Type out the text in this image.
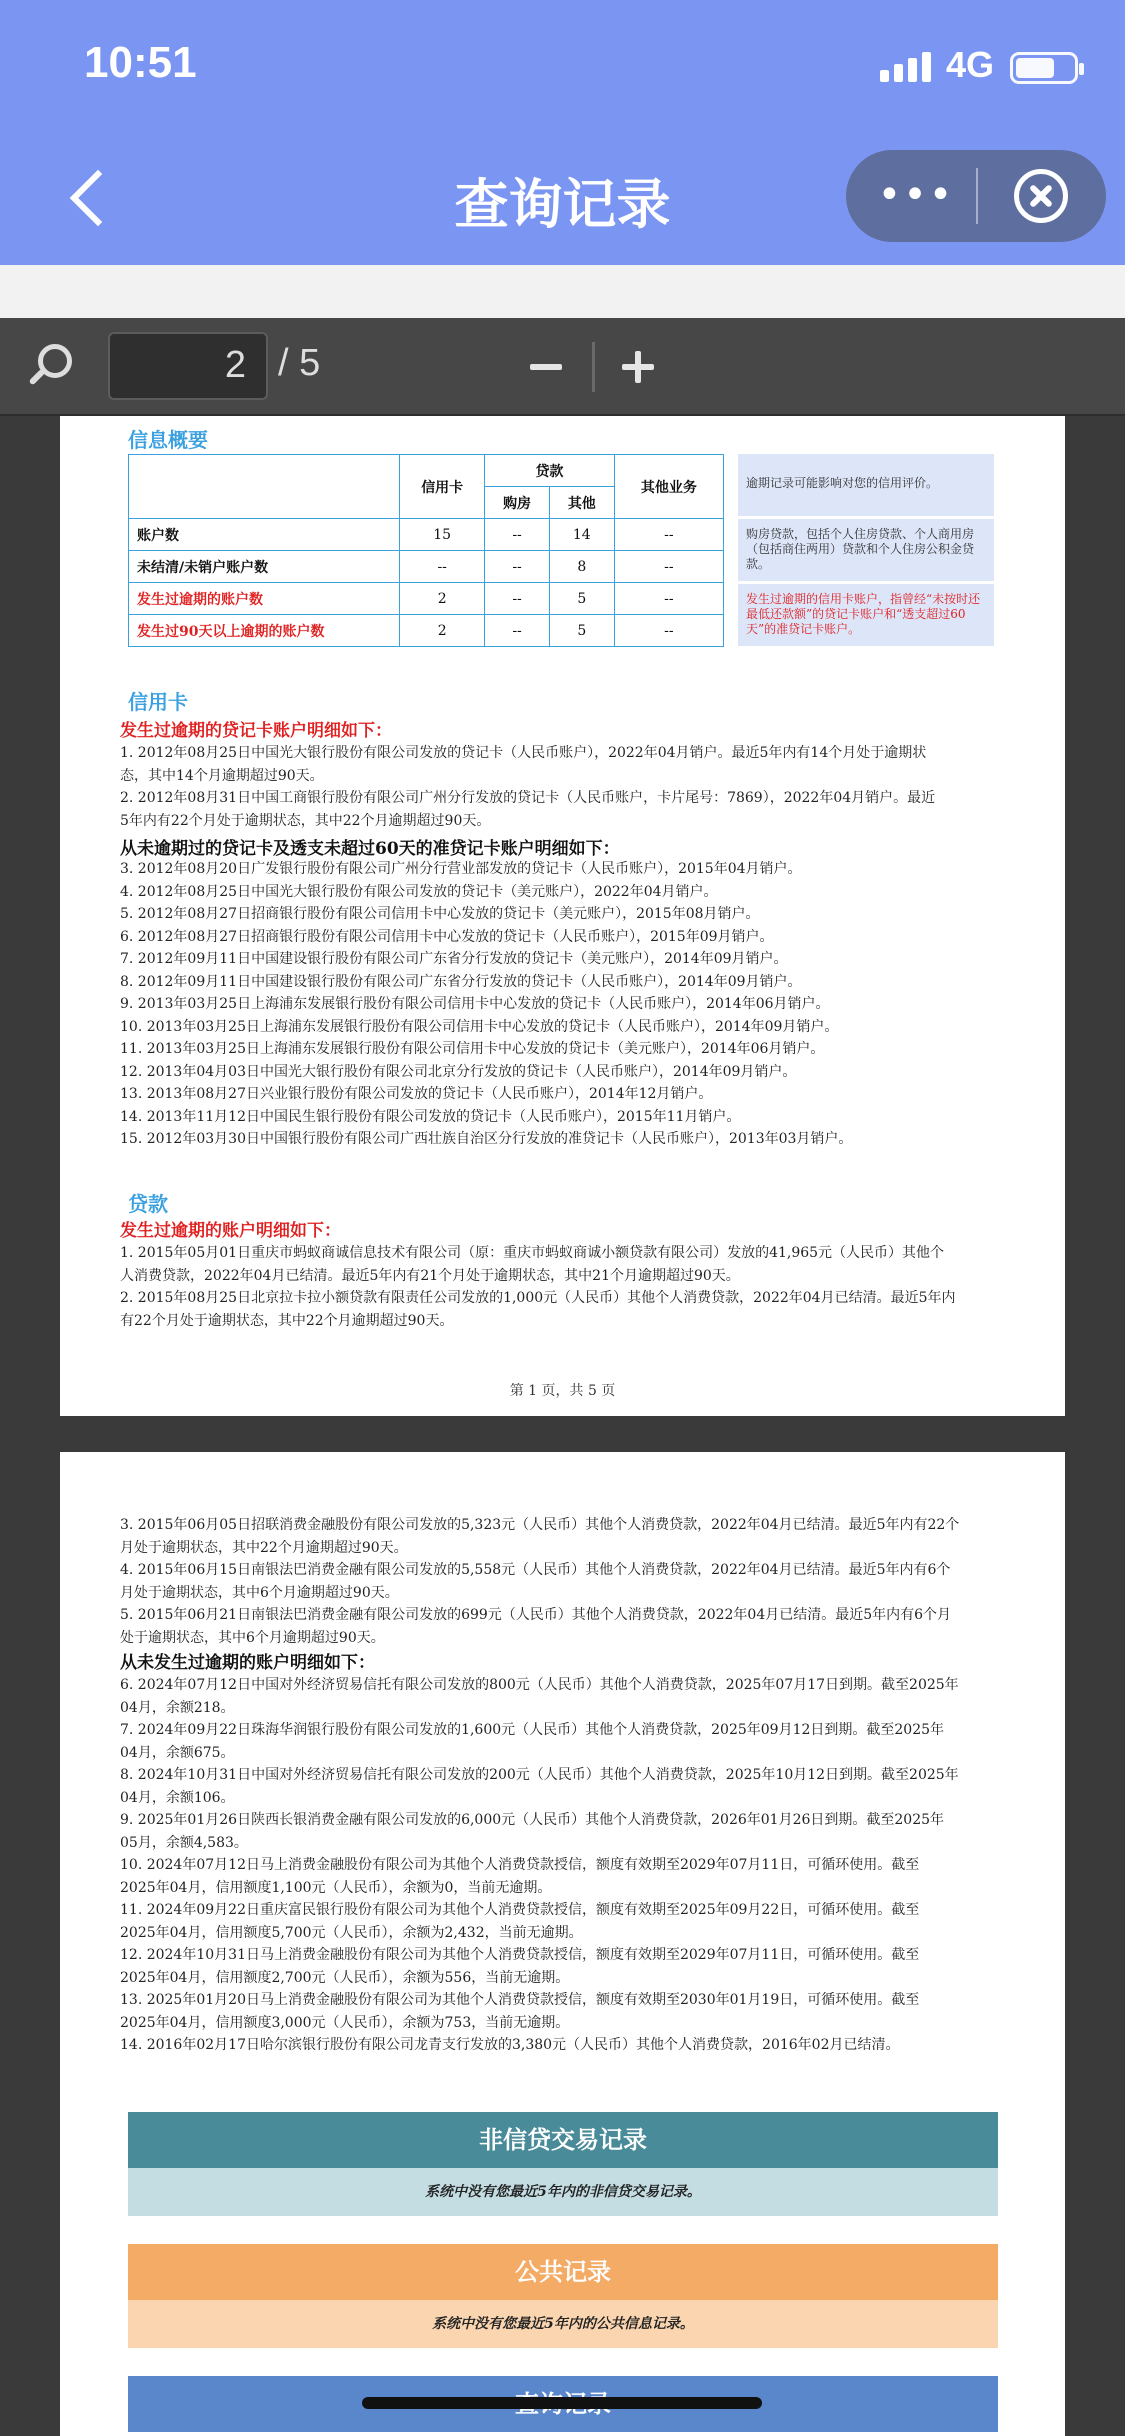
10:51	4G
查询记录	•••
2 / 5
信息概要
	信用卡	贷款		其他业务
		购房	其他	
账户数	15	--	14	--
未结清/未销户账户数	--	--	8	--
发生过逾期的账户数	2	--	5	--
发生过90天以上逾期的账户数	2	--	5	--
逾期记录可能影响对您的信用评价。
购房贷款，包括个人住房贷款、个人商用房（包括商住两用）贷款和个人住房公积金贷款。
发生过逾期的信用卡账户，指曾经“未按时还最低还款额”的贷记卡账户和“透支超过60天”的准贷记卡账户。
信用卡
发生过逾期的贷记卡账户明细如下：
1. 2012年08月25日中国光大银行股份有限公司发放的贷记卡（人民币账户），2022年04月销户。最近5年内有14个月处于逾期状
态，其中14个月逾期超过90天。
2. 2012年08月31日中国工商银行股份有限公司广州分行发放的贷记卡（人民币账户，卡片尾号：7869），2022年04月销户。最近
5年内有22个月处于逾期状态，其中22个月逾期超过90天。
从未逾期过的贷记卡及透支未超过60天的准贷记卡账户明细如下：
3. 2012年08月20日广发银行股份有限公司广州分行营业部发放的贷记卡（人民币账户），2015年04月销户。
4. 2012年08月25日中国光大银行股份有限公司发放的贷记卡（美元账户），2022年04月销户。
5. 2012年08月27日招商银行股份有限公司信用卡中心发放的贷记卡（美元账户），2015年08月销户。
6. 2012年08月27日招商银行股份有限公司信用卡中心发放的贷记卡（人民币账户），2015年09月销户。
7. 2012年09月11日中国建设银行股份有限公司广东省分行发放的贷记卡（美元账户），2014年09月销户。
8. 2012年09月11日中国建设银行股份有限公司广东省分行发放的贷记卡（人民币账户），2014年09月销户。
9. 2013年03月25日上海浦东发展银行股份有限公司信用卡中心发放的贷记卡（人民币账户），2014年06月销户。
10. 2013年03月25日上海浦东发展银行股份有限公司信用卡中心发放的贷记卡（人民币账户），2014年09月销户。
11. 2013年03月25日上海浦东发展银行股份有限公司信用卡中心发放的贷记卡（美元账户），2014年06月销户。
12. 2013年04月03日中国光大银行股份有限公司北京分行发放的贷记卡（人民币账户），2014年09月销户。
13. 2013年08月27日兴业银行股份有限公司发放的贷记卡（人民币账户），2014年12月销户。
14. 2013年11月12日中国民生银行股份有限公司发放的贷记卡（人民币账户），2015年11月销户。
15. 2012年03月30日中国银行股份有限公司广西壮族自治区分行发放的准贷记卡（人民币账户），2013年03月销户。
贷款
发生过逾期的账户明细如下：
1. 2015年05月01日重庆市蚂蚁商诚信息技术有限公司（原：重庆市蚂蚁商诚小额贷款有限公司）发放的41,965元（人民币）其他个
人消费贷款，2022年04月已结清。最近5年内有21个月处于逾期状态，其中21个月逾期超过90天。
2. 2015年08月25日北京拉卡拉小额贷款有限责任公司发放的1,000元（人民币）其他个人消费贷款，2022年04月已结清。最近5年内
有22个月处于逾期状态，其中22个月逾期超过90天。
第 1 页，共 5 页
3. 2015年06月05日招联消费金融股份有限公司发放的5,323元（人民币）其他个人消费贷款，2022年04月已结清。最近5年内有22个
月处于逾期状态，其中22个月逾期超过90天。
4. 2015年06月15日南银法巴消费金融有限公司发放的5,558元（人民币）其他个人消费贷款，2022年04月已结清。最近5年内有6个
月处于逾期状态，其中6个月逾期超过90天。
5. 2015年06月21日南银法巴消费金融有限公司发放的699元（人民币）其他个人消费贷款，2022年04月已结清。最近5年内有6个月
处于逾期状态，其中6个月逾期超过90天。
从未发生过逾期的账户明细如下：
6. 2024年07月12日中国对外经济贸易信托有限公司发放的800元（人民币）其他个人消费贷款，2025年07月17日到期。截至2025年
04月，余额218。
7. 2024年09月22日珠海华润银行股份有限公司发放的1,600元（人民币）其他个人消费贷款，2025年09月12日到期。截至2025年
04月，余额675。
8. 2024年10月31日中国对外经济贸易信托有限公司发放的200元（人民币）其他个人消费贷款，2025年10月12日到期。截至2025年
04月，余额106。
9. 2025年01月26日陕西长银消费金融有限公司发放的6,000元（人民币）其他个人消费贷款，2026年01月26日到期。截至2025年
05月，余额4,583。
10. 2024年07月12日马上消费金融股份有限公司为其他个人消费贷款授信，额度有效期至2029年07月11日，可循环使用。截至
2025年04月，信用额度1,100元（人民币），余额为0，当前无逾期。
11. 2024年09月22日重庆富民银行股份有限公司为其他个人消费贷款授信，额度有效期至2025年09月22日，可循环使用。截至
2025年04月，信用额度5,700元（人民币），余额为2,432，当前无逾期。
12. 2024年10月31日马上消费金融股份有限公司为其他个人消费贷款授信，额度有效期至2029年07月11日，可循环使用。截至
2025年04月，信用额度2,700元（人民币），余额为556，当前无逾期。
13. 2025年01月20日马上消费金融股份有限公司为其他个人消费贷款授信，额度有效期至2030年01月19日，可循环使用。截至
2025年04月，信用额度3,000元（人民币），余额为753，当前无逾期。
14. 2016年02月17日哈尔滨银行股份有限公司龙青支行发放的3,380元（人民币）其他个人消费贷款，2016年02月已结清。
非信贷交易记录
系统中没有您最近5年内的非信贷交易记录。
公共记录
系统中没有您最近5年内的公共信息记录。
